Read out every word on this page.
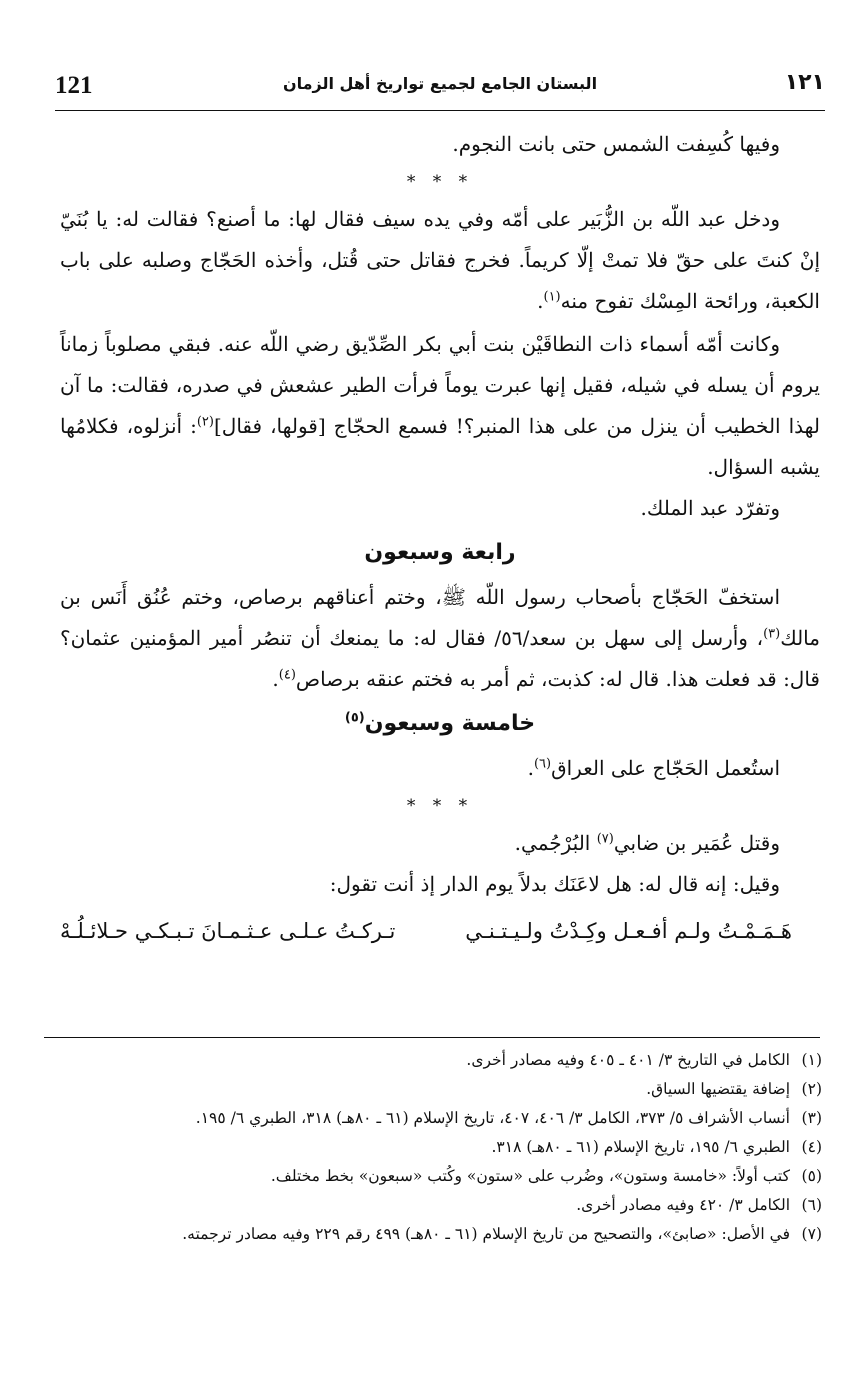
121	البستان الجامع لجميع تواريخ أهل الزمان	١٢١

وفيها كُسِفت الشمس حتى بانت النجوم.

* * *

ودخل عبد اللّه بن الزُّبَير على أمّه وفي يده سيف فقال لها: ما أصنع؟ فقالت له: يا بُنَيّ إنْ كنتَ على حقّ فلا تمتْ إلّا كريماً. فخرج فقاتل حتى قُتل، وأخذه الحَجّاج وصلبه على باب الكعبة، ورائحة المِسْك تفوح منه$^{(١)}$.

وكانت أمّه أسماء ذات النطاقَيْن بنت أبي بكر الصِّدّيق رضي اللّه عنه. فبقي مصلوباً زماناً يروم أن يسله في شيله، فقيل إنها عبرت يوماً فرأت الطير عشعش في صدره، فقالت: ما آن لهذا الخطيب أن ينزل من على هذا المنبر؟! فسمع الحجّاج [قولها، فقال]$^{(٢)}$: أنزلوه، فكلامُها يشبه السؤال.

وتفرّد عبد الملك.

رابعة وسبعون

استخفّ الحَجّاج بأصحاب رسول اللّه ﷺ، وختم أعناقهم برصاص، وختم عُنُق أَنَس بن مالك$^{(٣)}$، وأرسل إلى سهل بن سعد/٥٦/ فقال له: ما يمنعك أن تنصُر أمير المؤمنين عثمان؟ قال: قد فعلت هذا. قال له: كذبت، ثم أمر به فختم عنقه برصاص$^{(٤)}$.

خامسة وسبعون$^{(٥)}$

استُعمل الحَجّاج على العراق$^{(٦)}$.

* * *

وقتل عُمَير بن ضابي$^{(٧)}$ البُرْجُمي.

وقيل: إنه قال له: هل لاعَنَك بدلاً يوم الدار إذ أنت تقول:

هَـمَـمْـتُ ولـم أفـعـل وكِـدْتُ ولـيـتـنـي
تـركـتُ عـلـى عـثـمـانَ تـبـكـي حـلائـلُـهْ
(١)
الكامل في التاريخ ٣/ ٤٠١ ـ ٤٠٥ وفيه مصادر أخرى.
(٢)
إضافة يقتضيها السياق.
(٣)
أنساب الأشراف ٥/ ٣٧٣، الكامل ٣/ ٤٠٦، ٤٠٧، تاريخ الإسلام (٦١ ـ ٨٠هـ) ٣١٨، الطبري ٦/ ١٩٥.
(٤)
الطبري ٦/ ١٩٥، تاريخ الإسلام (٦١ ـ ٨٠هـ) ٣١٨.
(٥)
كتب أولاً: «خامسة وستون»، وضُرب على «ستون» وكُتب «سبعون» بخط مختلف.
(٦)
الكامل ٣/ ٤٢٠ وفيه مصادر أخرى.
(٧)
في الأصل: «صابئ»، والتصحيح من تاريخ الإسلام (٦١ ـ ٨٠هـ) ٤٩٩ رقم ٢٢٩ وفيه مصادر ترجمته.
